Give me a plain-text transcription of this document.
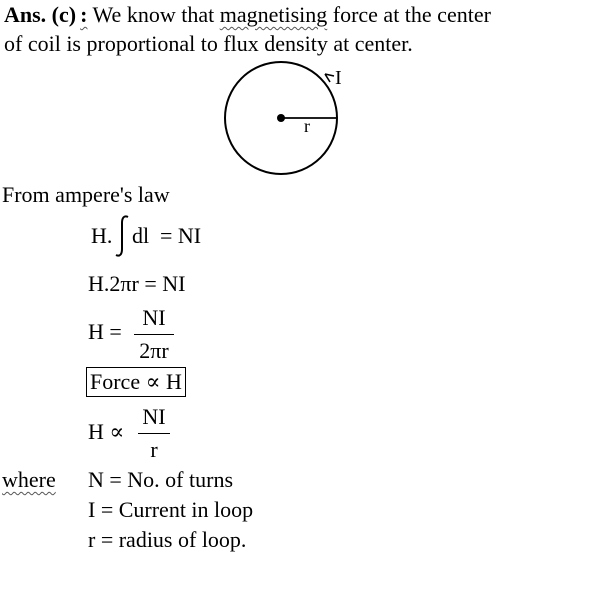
Ans. (c) : We know that magnetising force at the center
of coil is proportional to flux density at center.
I
r
From ampere's law
H. dl = NI
H.2πr = NI
H =
NI
2πr
Force ∝ H
H ∝
NI
r
where N = No. of turns
I = Current in loop
r = radius of loop.
